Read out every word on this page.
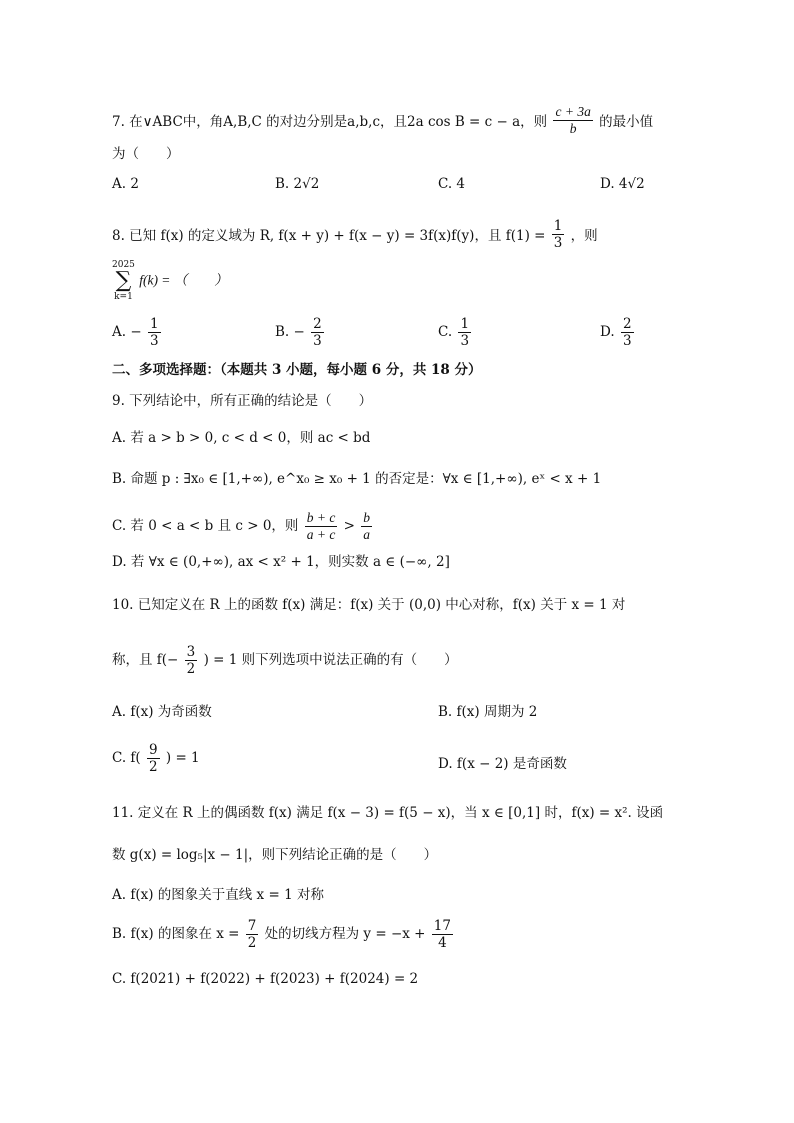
7. 在∨ABC中，角A,B,C 的对边分别是a,b,c，且2a cos B = c − a，则 $\frac{c + 3a}{b}$ 的最小值
为（　　）
A. 2	B. 2√2	C. 4	D. 4√2
8. 已知 f(x) 的定义域为 R, f(x + y) + f(x − y) = 3f(x)f(y)，且 $f(1) = \frac{1}{3}$ ，则
2025
∑
k=1
f(k) = （　　）
A. − $\frac{1}{3}$	B. − $\frac{2}{3}$	C. $\frac{1}{3}$	D. $\frac{2}{3}$
二、多项选择题：（本题共 3 小题，每小题 6 分，共 18 分）
9. 下列结论中，所有正确的结论是（　　）
A. 若 a > b > 0, c < d < 0，则 ac < bd
B. 命题 p : ∃x₀ ∈ [1,+∞), e^x₀ ≥ x₀ + 1 的否定是：∀x ∈ [1,+∞), eˣ < x + 1
C. 若 0 < a < b 且 c > 0，则 $\frac{b + c}{a + c} > \frac{b}{a}$
D. 若 ∀x ∈ (0,+∞), ax < x² + 1，则实数 a ∈ (−∞, 2]
10. 已知定义在 R 上的函数 f(x) 满足：f(x) 关于 (0,0) 中心对称，f(x) 关于 x = 1 对
称，且 $f(- \frac{3}{2}$ ) = 1 则下列选项中说法正确的有（　　）
A. f(x) 为奇函数	B. f(x) 周期为 2
C. $f( \frac{9}{2}$ ) = 1	D. f(x − 2) 是奇函数
11. 定义在 R 上的偶函数 f(x) 满足 f(x − 3) = f(5 − x)，当 x ∈ [0,1] 时，f(x) = x². 设函
数 g(x) = log₅|x − 1|，则下列结论正确的是（　　）
A. f(x) 的图象关于直线 x = 1 对称
B. f(x) 的图象在 $x = \frac{7}{2}$ 处的切线方程为 $y = -x + \frac{17}{4}$
C. f(2021) + f(2022) + f(2023) + f(2024) = 2
